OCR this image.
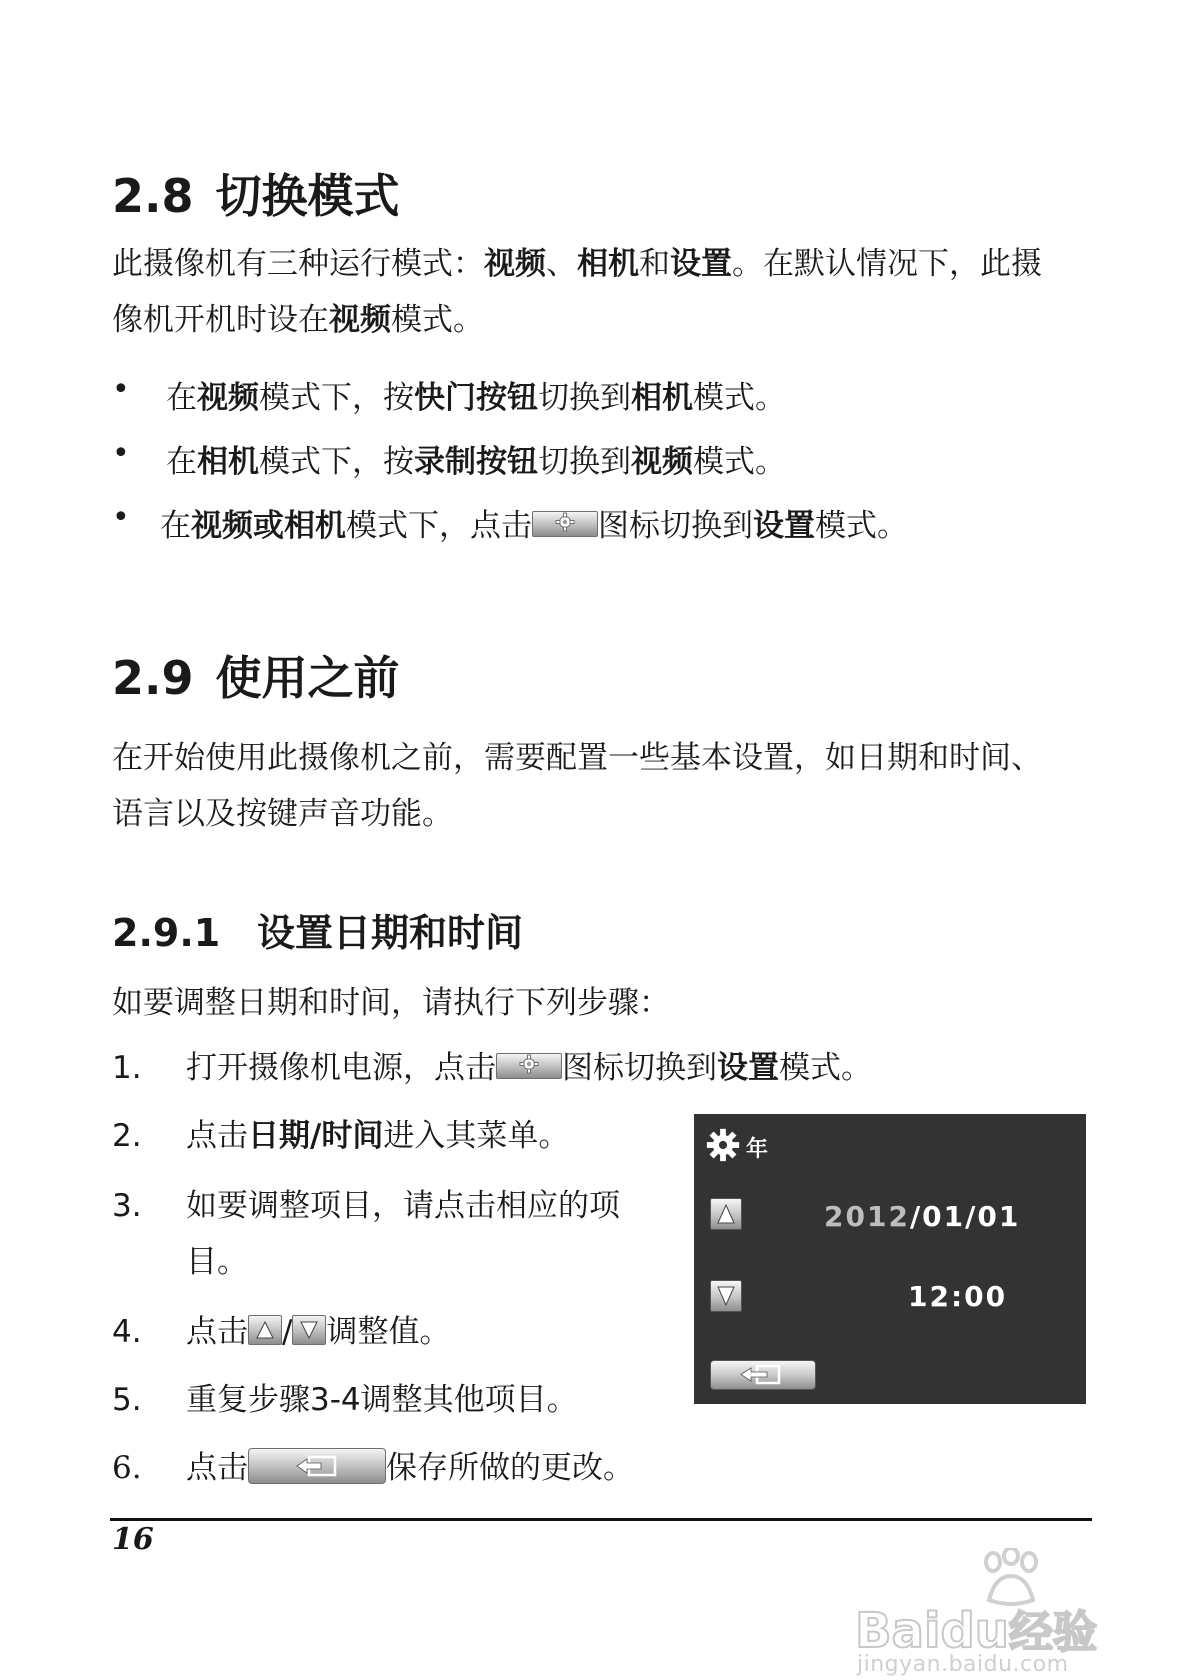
2.8 切换模式
此摄像机有三种运行模式：视频、相机和设置。在默认情况下，此摄
像机开机时设在视频模式。
• 在视频模式下，按快门按钮切换到相机模式。
• 在相机模式下，按录制按钮切换到视频模式。
• 在视频或相机模式下，点击 图标切换到设置模式。
2.9 使用之前
在开始使用此摄像机之前，需要配置一些基本设置，如日期和时间、
语言以及按键声音功能。
2.9.1 设置日期和时间
如要调整日期和时间，请执行下列步骤：
1. 打开摄像机电源，点击 图标切换到设置模式。
2. 点击日期/时间进入其菜单。
3. 如要调整项目，请点击相应的项
目。
4. 点击 / 调整值。
5. 重复步骤3-4调整其他项目。
6. 点击	保存所做的更改。
年
2012/01/01
12:00
16
Baidu经验
jingyan.baidu.com
